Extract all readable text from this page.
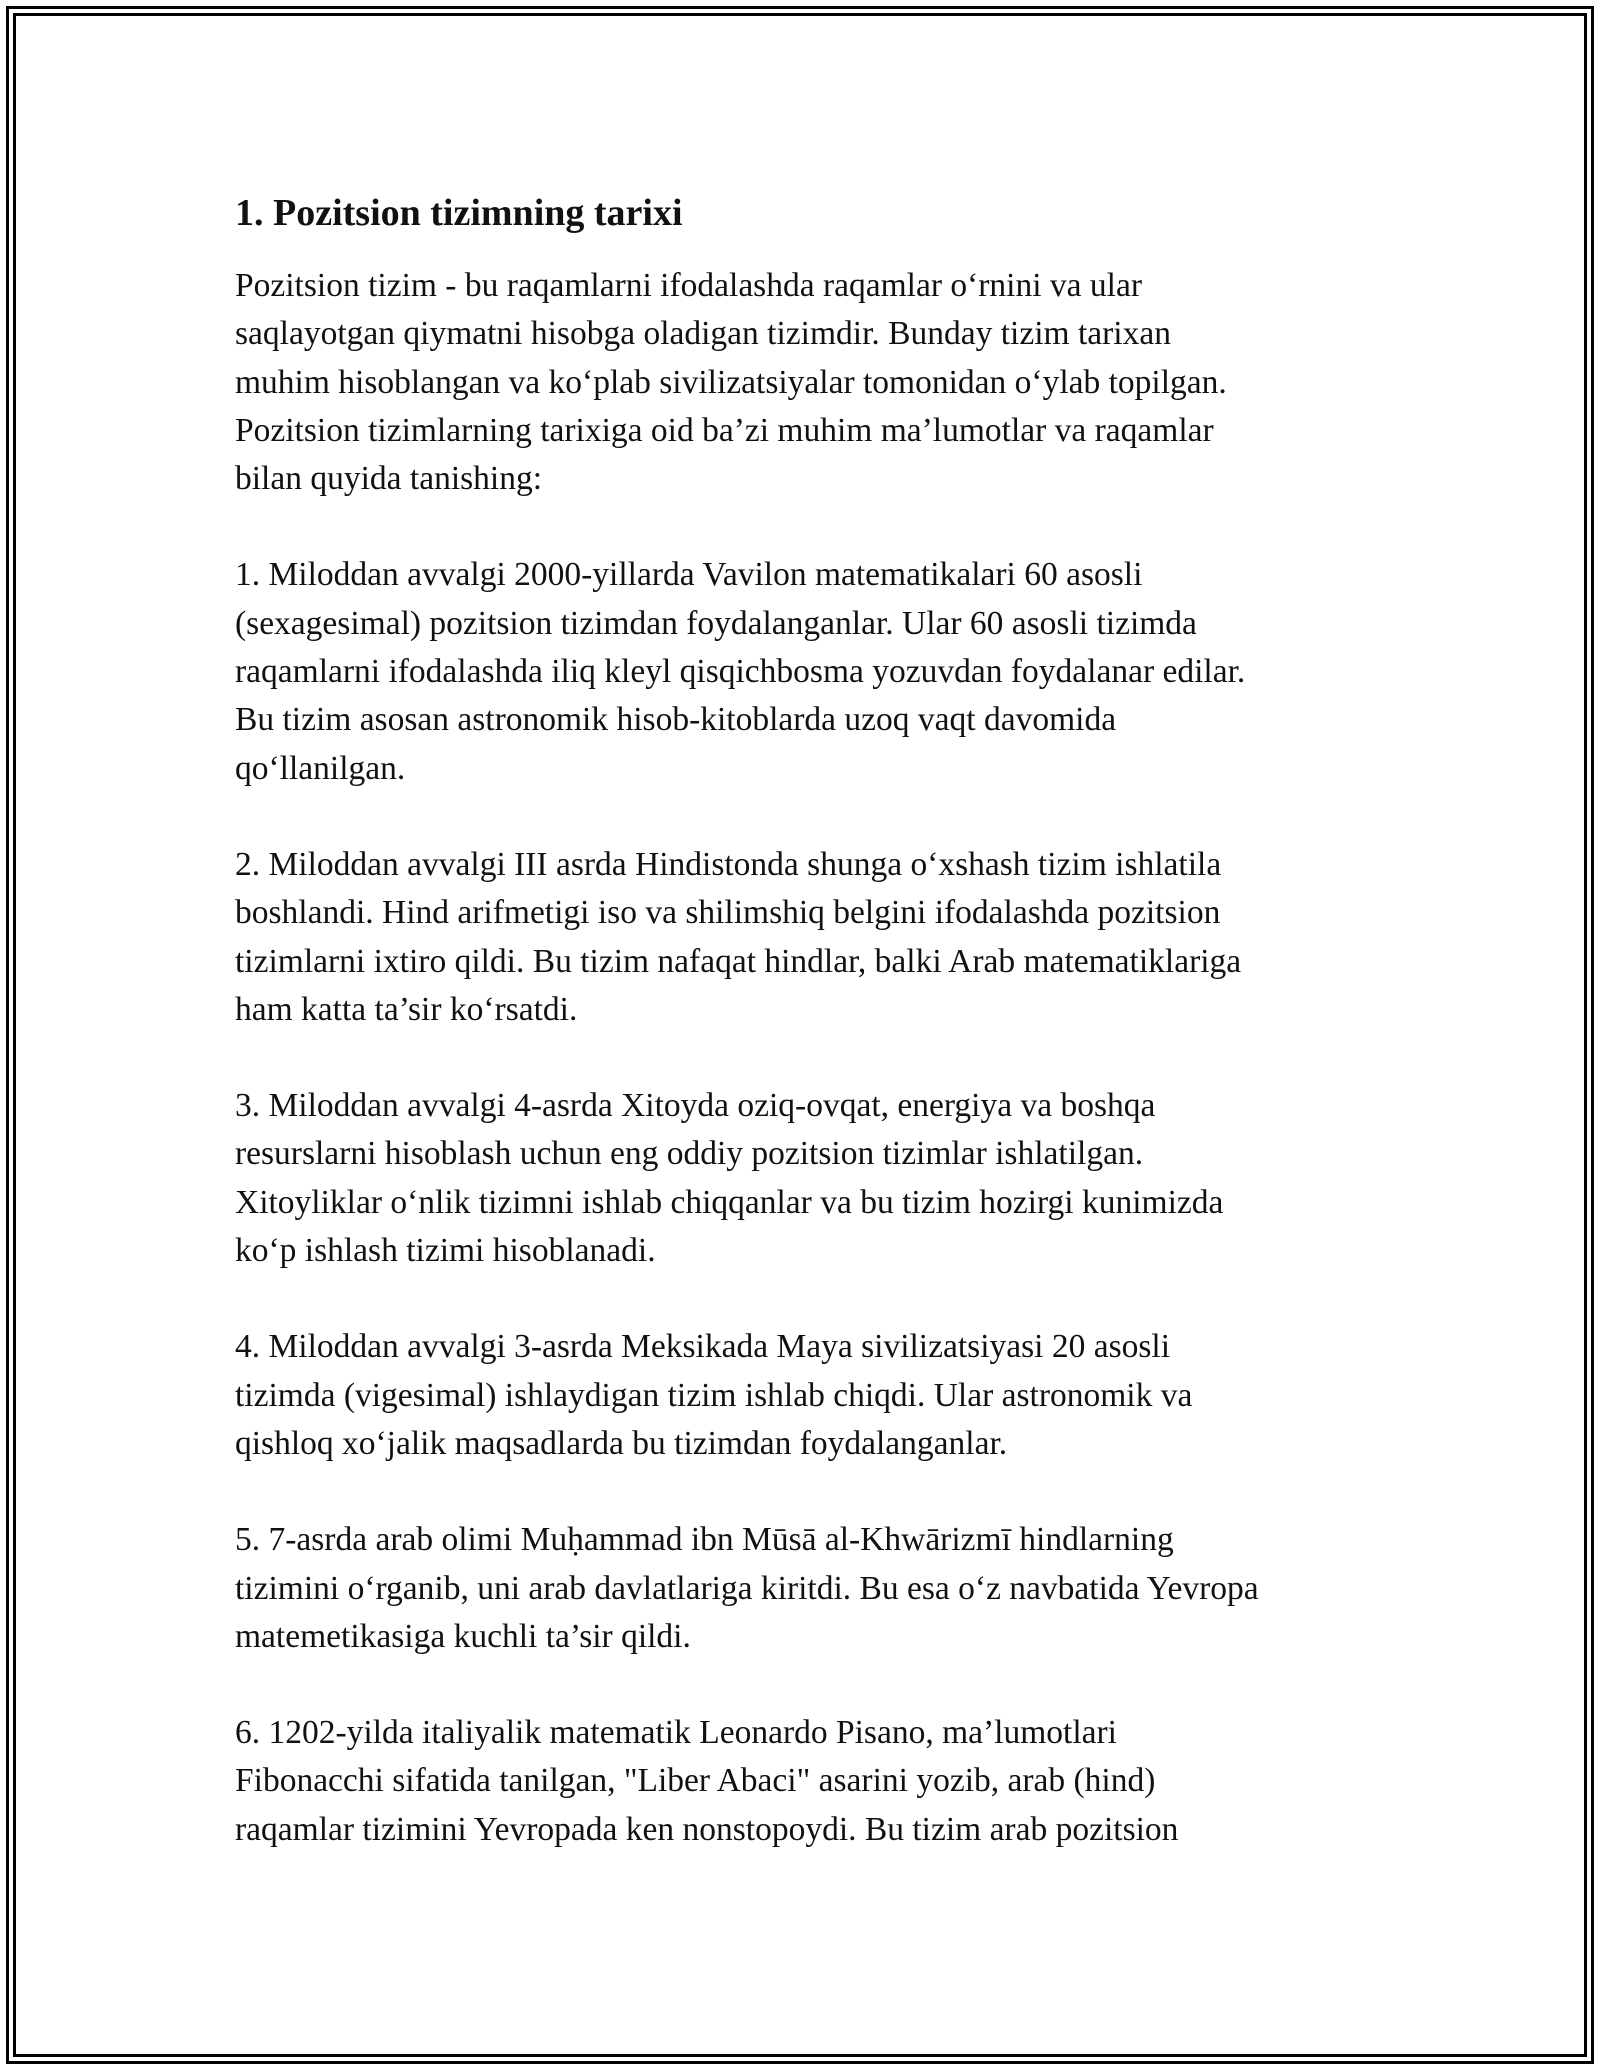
1. Pozitsion tizimning tarixi

Pozitsion tizim - bu raqamlarni ifodalashda raqamlar o‘rnini va ular
saqlayotgan qiymatni hisobga oladigan tizimdir. Bunday tizim tarixan
muhim hisoblangan va ko‘plab sivilizatsiyalar tomonidan o‘ylab topilgan.
Pozitsion tizimlarning tarixiga oid ba’zi muhim ma’lumotlar va raqamlar
bilan quyida tanishing:

1. Miloddan avvalgi 2000-yillarda Vavilon matematikalari 60 asosli
(sexagesimal) pozitsion tizimdan foydalanganlar. Ular 60 asosli tizimda
raqamlarni ifodalashda iliq kleyl qisqichbosma yozuvdan foydalanar edilar.
Bu tizim asosan astronomik hisob-kitoblarda uzoq vaqt davomida
qo‘llanilgan.

2. Miloddan avvalgi III asrda Hindistonda shunga o‘xshash tizim ishlatila
boshlandi. Hind arifmetigi iso va shilimshiq belgini ifodalashda pozitsion
tizimlarni ixtiro qildi. Bu tizim nafaqat hindlar, balki Arab matematiklariga
ham katta ta’sir ko‘rsatdi.

3. Miloddan avvalgi 4-asrda Xitoyda oziq-ovqat, energiya va boshqa
resurslarni hisoblash uchun eng oddiy pozitsion tizimlar ishlatilgan.
Xitoyliklar o‘nlik tizimni ishlab chiqqanlar va bu tizim hozirgi kunimizda
ko‘p ishlash tizimi hisoblanadi.

4. Miloddan avvalgi 3-asrda Meksikada Maya sivilizatsiyasi 20 asosli
tizimda (vigesimal) ishlaydigan tizim ishlab chiqdi. Ular astronomik va
qishloq xo‘jalik maqsadlarda bu tizimdan foydalanganlar.

5. 7-asrda arab olimi Muḥammad ibn Mūsā al-Khwārizmī hindlarning
tizimini o‘rganib, uni arab davlatlariga kiritdi. Bu esa o‘z navbatida Yevropa
matemetikasiga kuchli ta’sir qildi.

6. 1202-yilda italiyalik matematik Leonardo Pisano, ma’lumotlari
Fibonacchi sifatida tanilgan, "Liber Abaci" asarini yozib, arab (hind)
raqamlar tizimini Yevropada ken nonstopoydi. Bu tizim arab pozitsion
